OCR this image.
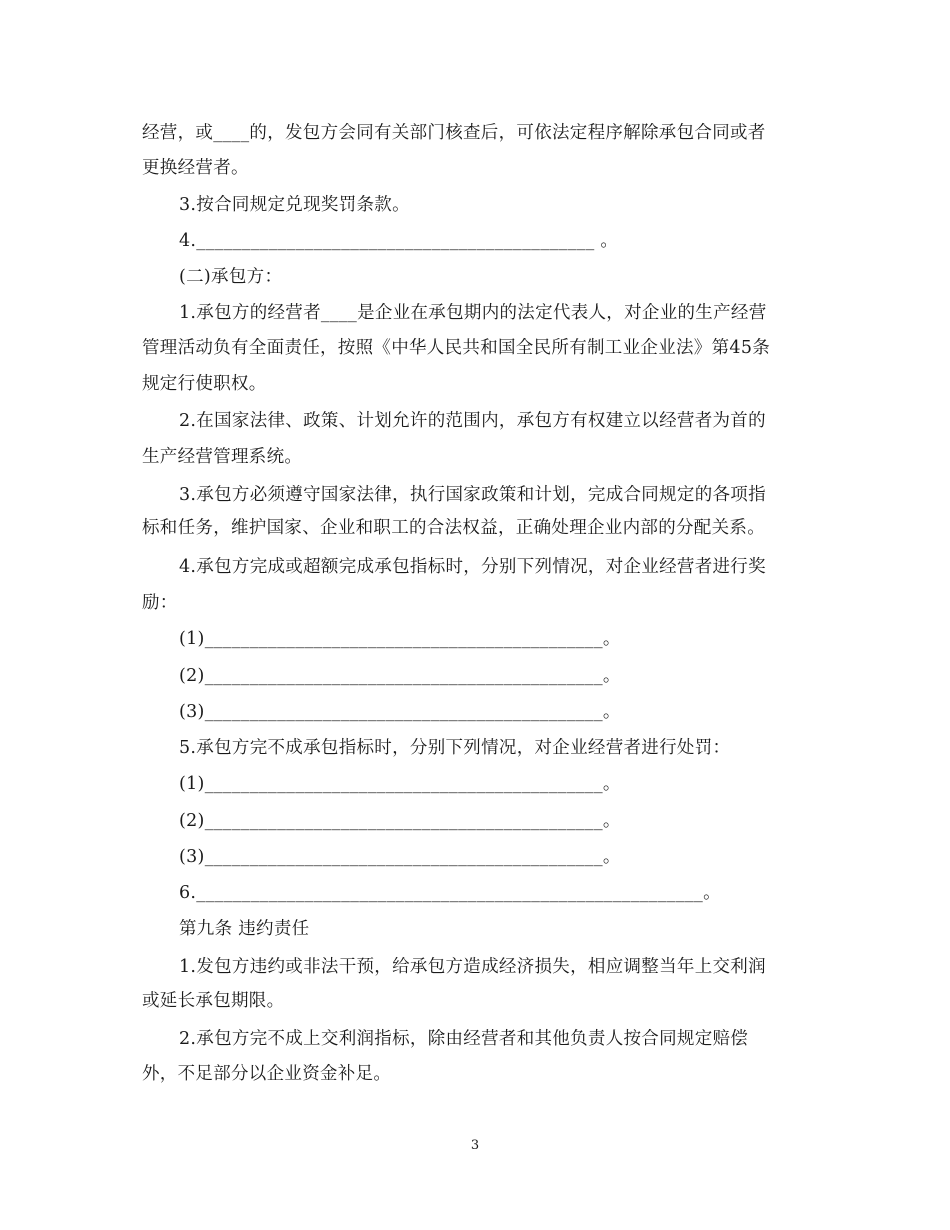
经营，或____的，发包方会同有关部门核查后，可依法定程序解除承包合同或者
更换经营者。
3.按合同规定兑现奖罚条款。
4.____________________________________________ 。
(二)承包方：
1.承包方的经营者____是企业在承包期内的法定代表人，对企业的生产经营
管理活动负有全面责任，按照《中华人民共和国全民所有制工业企业法》第45条
规定行使职权。
2.在国家法律、政策、计划允许的范围内，承包方有权建立以经营者为首的
生产经营管理系统。
3.承包方必须遵守国家法律，执行国家政策和计划，完成合同规定的各项指
标和任务，维护国家、企业和职工的合法权益，正确处理企业内部的分配关系。
4.承包方完成或超额完成承包指标时，分别下列情况，对企业经营者进行奖
励：
(1)____________________________________________。
(2)____________________________________________。
(3)____________________________________________。
5.承包方完不成承包指标时，分别下列情况，对企业经营者进行处罚：
(1)____________________________________________。
(2)____________________________________________。
(3)____________________________________________。
6.________________________________________________________。
第九条 违约责任
1.发包方违约或非法干预，给承包方造成经济损失，相应调整当年上交利润
或延长承包期限。
2.承包方完不成上交利润指标，除由经营者和其他负责人按合同规定赔偿
外，不足部分以企业资金补足。
3
